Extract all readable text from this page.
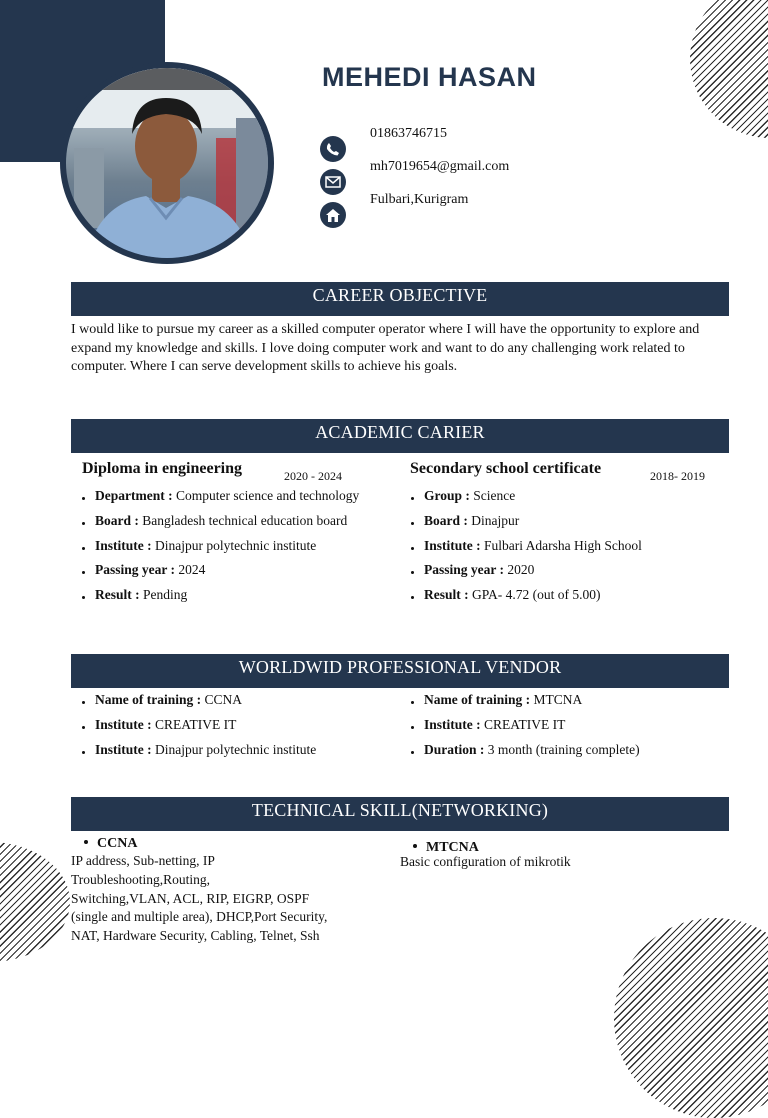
MEHEDI HASAN
01863746715
mh7019654@gmail.com
Fulbari,Kurigram
CAREER OBJECTIVE
I would like to pursue my career as a skilled computer operator where I will have the opportunity to explore and expand my knowledge and skills. I love doing computer work and want to do any challenging work related to computer. Where I can serve development skills to achieve his goals.
ACADEMIC CARIER
Diploma in engineering	2020 - 2024
Department : Computer science and technology
Board : Bangladesh technical education board
Institute : Dinajpur polytechnic institute
Passing year : 2024
Result : Pending
Secondary school certificate	2018- 2019
Group : Science
Board : Dinajpur
Institute : Fulbari Adarsha High School
Passing year : 2020
Result : GPA- 4.72 (out of 5.00)
WORLDWID PROFESSIONAL VENDOR
Name of training : CCNA
Institute : CREATIVE IT
Institute : Dinajpur polytechnic institute
Name of training : MTCNA
Institute : CREATIVE IT
Duration : 3 month (training complete)
TECHNICAL SKILL(NETWORKING)
CCNA
IP address, Sub-netting, IP
Troubleshooting,Routing,
Switching,VLAN, ACL, RIP, EIGRP, OSPF
(single and multiple area), DHCP,Port Security,
NAT, Hardware Security, Cabling, Telnet, Ssh
MTCNA
Basic configuration of mikrotik
